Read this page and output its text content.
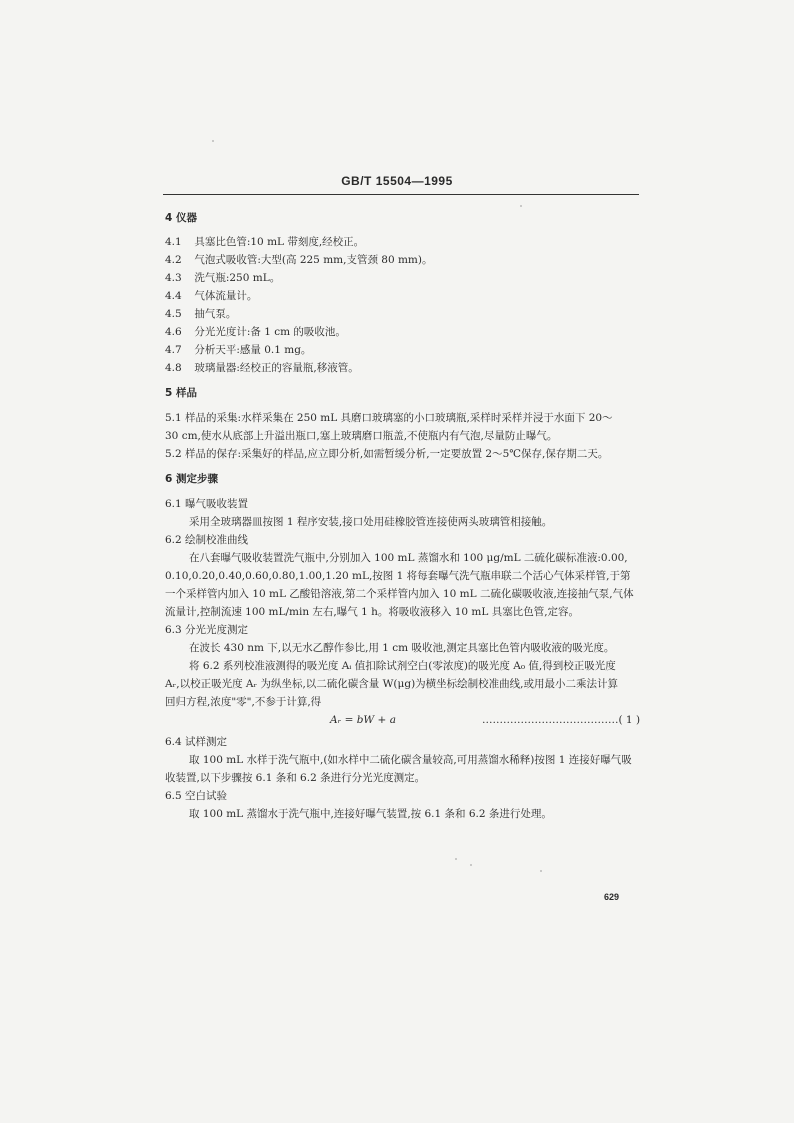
GB/T 15504—1995
4 仪器
4.1 具塞比色管:10 mL 带刻度,经校正。
4.2 气泡式吸收管:大型(高 225 mm,支管颈 80 mm)。
4.3 洗气瓶:250 mL。
4.4 气体流量计。
4.5 抽气泵。
4.6 分光光度计:备 1 cm 的吸收池。
4.7 分析天平:感量 0.1 mg。
4.8 玻璃量器:经校正的容量瓶,移液管。
5 样品
5.1 样品的采集:水样采集在 250 mL 具磨口玻璃塞的小口玻璃瓶,采样时采样并浸于水面下 20～
30 cm,使水从底部上升溢出瓶口,塞上玻璃磨口瓶盖,不使瓶内有气泡,尽量防止曝气。
5.2 样品的保存:采集好的样品,应立即分析,如需暂缓分析,一定要放置 2～5℃保存,保存期二天。
6 测定步骤
6.1 曝气吸收装置
采用全玻璃器皿按图 1 程序安装,接口处用硅橡胶管连接使两头玻璃管相接触。
6.2 绘制校准曲线
在八套曝气吸收装置洗气瓶中,分别加入 100 mL 蒸馏水和 100 μg/mL 二硫化碳标准液:0.00,
0.10,0.20,0.40,0.60,0.80,1.00,1.20 mL,按图 1 将每套曝气洗气瓶串联二个活心气体采样管,于第
一个采样管内加入 10 mL 乙酸铅溶液,第二个采样管内加入 10 mL 二硫化碳吸收液,连接抽气泵,气体
流量计,控制流速 100 mL/min 左右,曝气 1 h。将吸收液移入 10 mL 具塞比色管,定容。
6.3 分光光度测定
在波长 430 nm 下,以无水乙醇作参比,用 1 cm 吸收池,测定具塞比色管内吸收液的吸光度。
将 6.2 系列校准液测得的吸光度 Aᵢ 值扣除试剂空白(零浓度)的吸光度 A₀ 值,得到校正吸光度
Aᵣ,以校正吸光度 Aᵣ 为纵坐标,以二硫化碳含量 W(μg)为横坐标绘制校准曲线,或用最小二乘法计算
回归方程,浓度"零",不参于计算,得
Aᵣ = bW + a	…………………………………( 1 )
6.4 试样测定
取 100 mL 水样于洗气瓶中,(如水样中二硫化碳含量较高,可用蒸馏水稀释)按图 1 连接好曝气吸
收装置,以下步骤按 6.1 条和 6.2 条进行分光光度测定。
6.5 空白试验
取 100 mL 蒸馏水于洗气瓶中,连接好曝气装置,按 6.1 条和 6.2 条进行处理。
629
